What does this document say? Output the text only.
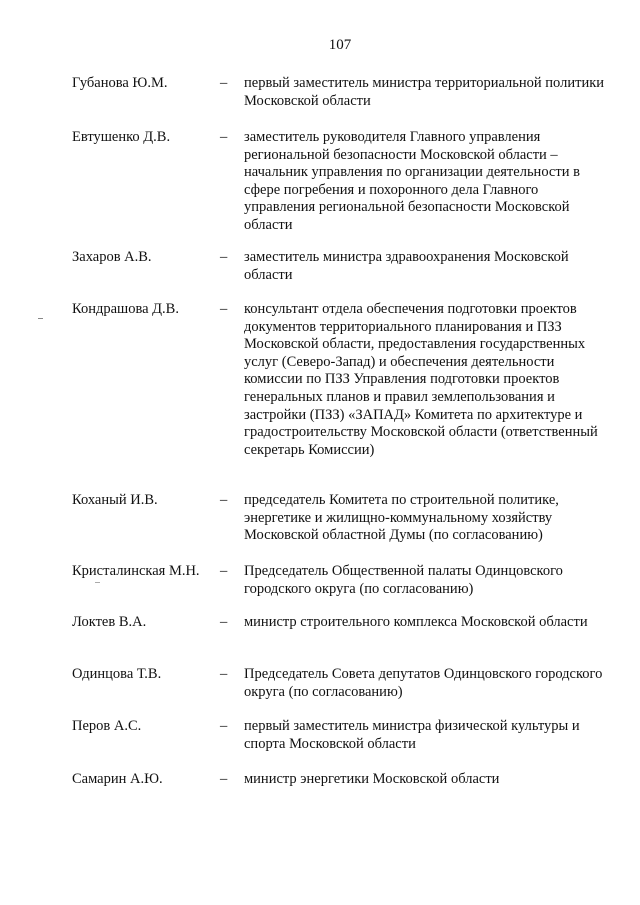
107
Губанова Ю.М.	– первый заместитель министра территориальной политики Московской области
Евтушенко Д.В.	– заместитель руководителя Главного управления региональной безопасности Московской области – начальник управления по организации деятельности в сфере погребения и похоронного дела Главного управления региональной безопасности Московской области
Захаров А.В.	– заместитель министра здравоохранения Московской области
Кондрашова Д.В.	– консультант отдела обеспечения подготовки проектов документов территориального планирования и ПЗЗ Московской области, предоставления государственных услуг (Северо-Запад) и обеспечения деятельности комиссии по ПЗЗ Управления подготовки проектов генеральных планов и правил землепользования и застройки (ПЗЗ) «ЗАПАД» Комитета по архитектуре и градостроительству Московской области (ответственный секретарь Комиссии)
Коханый И.В.	– председатель Комитета по строительной политике, энергетике и жилищно-коммунальному хозяйству Московской областной Думы (по согласованию)
Кристалинская М.Н. – Председатель Общественной палаты Одинцовского городского округа (по согласованию)
Локтев В.А.	– министр строительного комплекса Московской области
Одинцова Т.В.	– Председатель Совета депутатов Одинцовского городского округа (по согласованию)
Перов А.С.	– первый заместитель министра физической культуры и спорта Московской области
Самарин А.Ю.	– министр энергетики Московской области
